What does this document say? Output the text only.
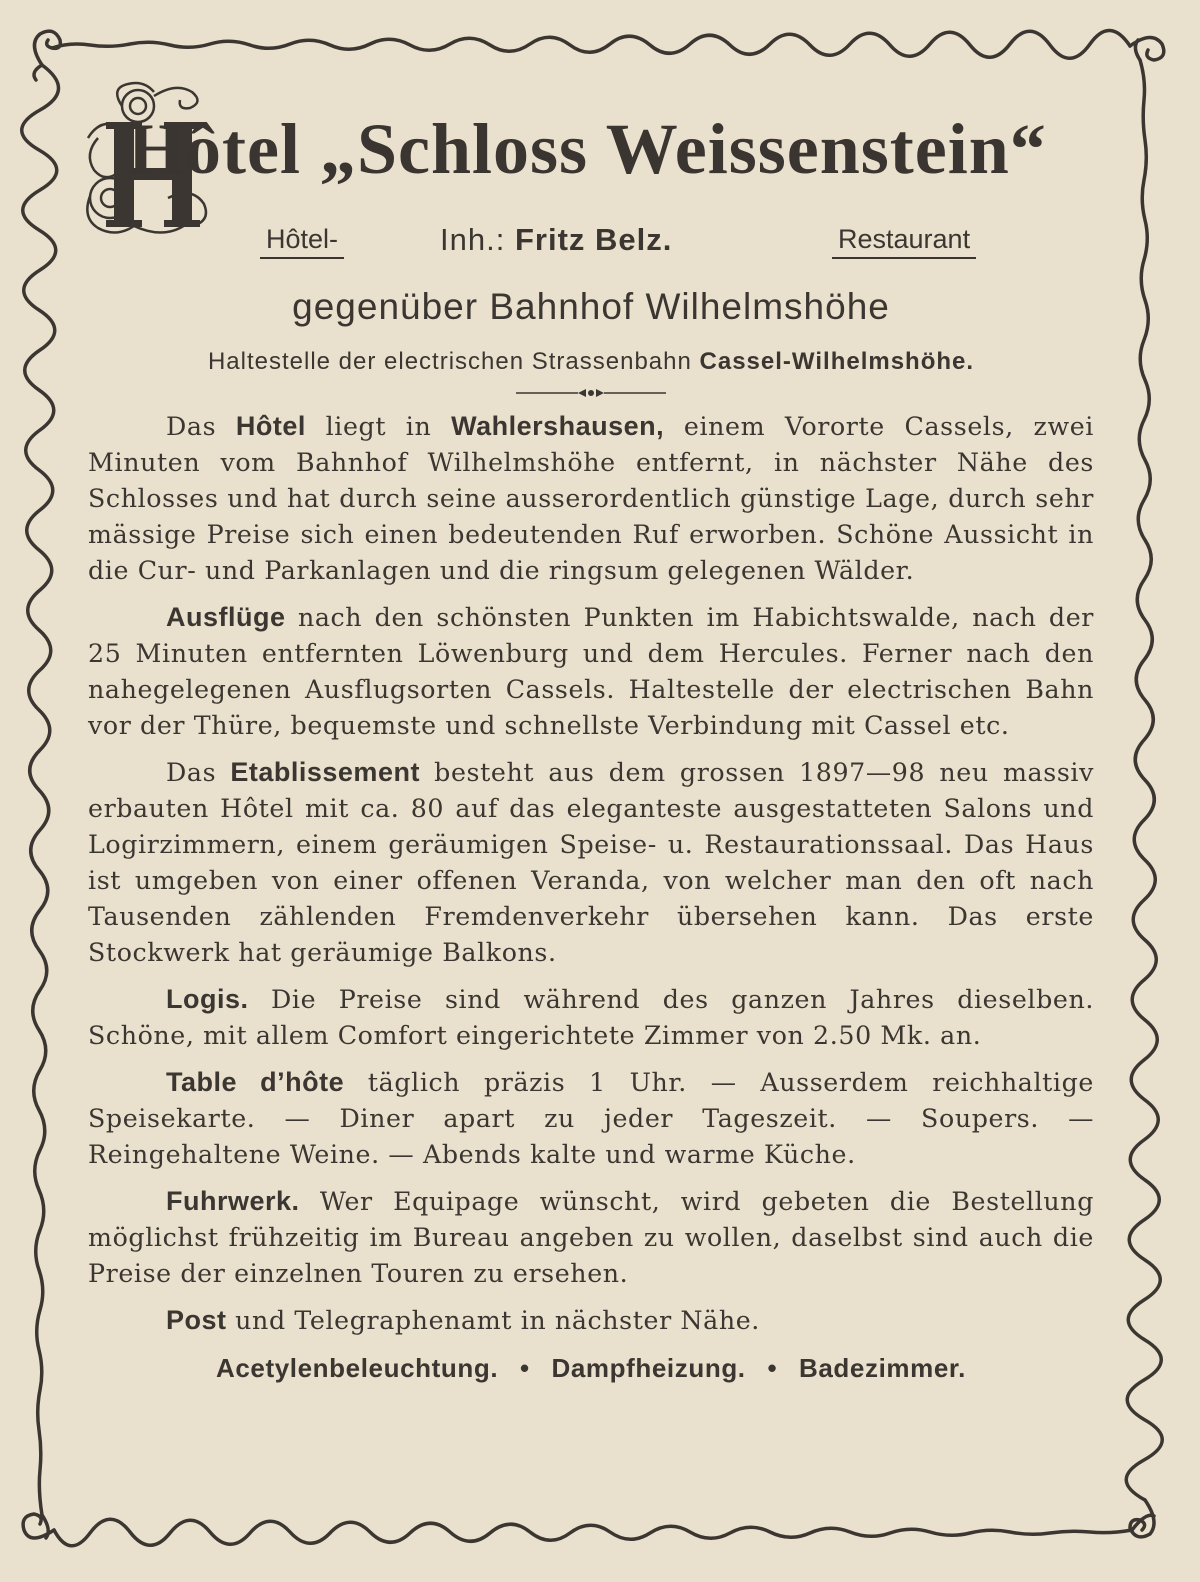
Hôtel „Schloss Weissenstein“
Hôtel-	Inh.: Fritz Belz.	Restaurant
gegenüber Bahnhof Wilhelmshöhe
Haltestelle der electrischen Strassenbahn Cassel-Wilhelmshöhe.

Das Hôtel liegt in Wahlershausen, einem Vororte Cassels, zwei Minuten vom Bahnhof Wilhelmshöhe entfernt, in nächster Nähe des Schlosses und hat durch seine ausserordentlich günstige Lage, durch sehr mässige Preise sich einen bedeutenden Ruf erworben. Schöne Aussicht in die Cur- und Parkanlagen und die ringsum gelegenen Wälder.

Ausflüge nach den schönsten Punkten im Habichtswalde, nach der 25 Minuten entfernten Löwenburg und dem Hercules. Ferner nach den nahegelegenen Ausflugsorten Cassels. Haltestelle der electrischen Bahn vor der Thüre, bequemste und schnellste Verbindung mit Cassel etc.

Das Etablissement besteht aus dem grossen 1897—98 neu massiv erbauten Hôtel mit ca. 80 auf das eleganteste ausgestatteten Salons und Logirzimmern, einem geräumigen Speise- u. Restaurationssaal. Das Haus ist umgeben von einer offenen Veranda, von welcher man den oft nach Tausenden zählenden Fremdenverkehr übersehen kann. Das erste Stockwerk hat geräumige Balkons.

Logis. Die Preise sind während des ganzen Jahres dieselben. Schöne, mit allem Comfort eingerichtete Zimmer von 2.50 Mk. an.

Table d’hôte täglich präzis 1 Uhr. — Ausserdem reichhaltige Speisekarte. — Diner apart zu jeder Tageszeit. — Soupers. — Reingehaltene Weine. — Abends kalte und warme Küche.

Fuhrwerk. Wer Equipage wünscht, wird gebeten die Bestellung möglichst frühzeitig im Bureau angeben zu wollen, daselbst sind auch die Preise der einzelnen Touren zu ersehen.

Post und Telegraphenamt in nächster Nähe.

Acetylenbeleuchtung. • Dampfheizung. • Badezimmer.
